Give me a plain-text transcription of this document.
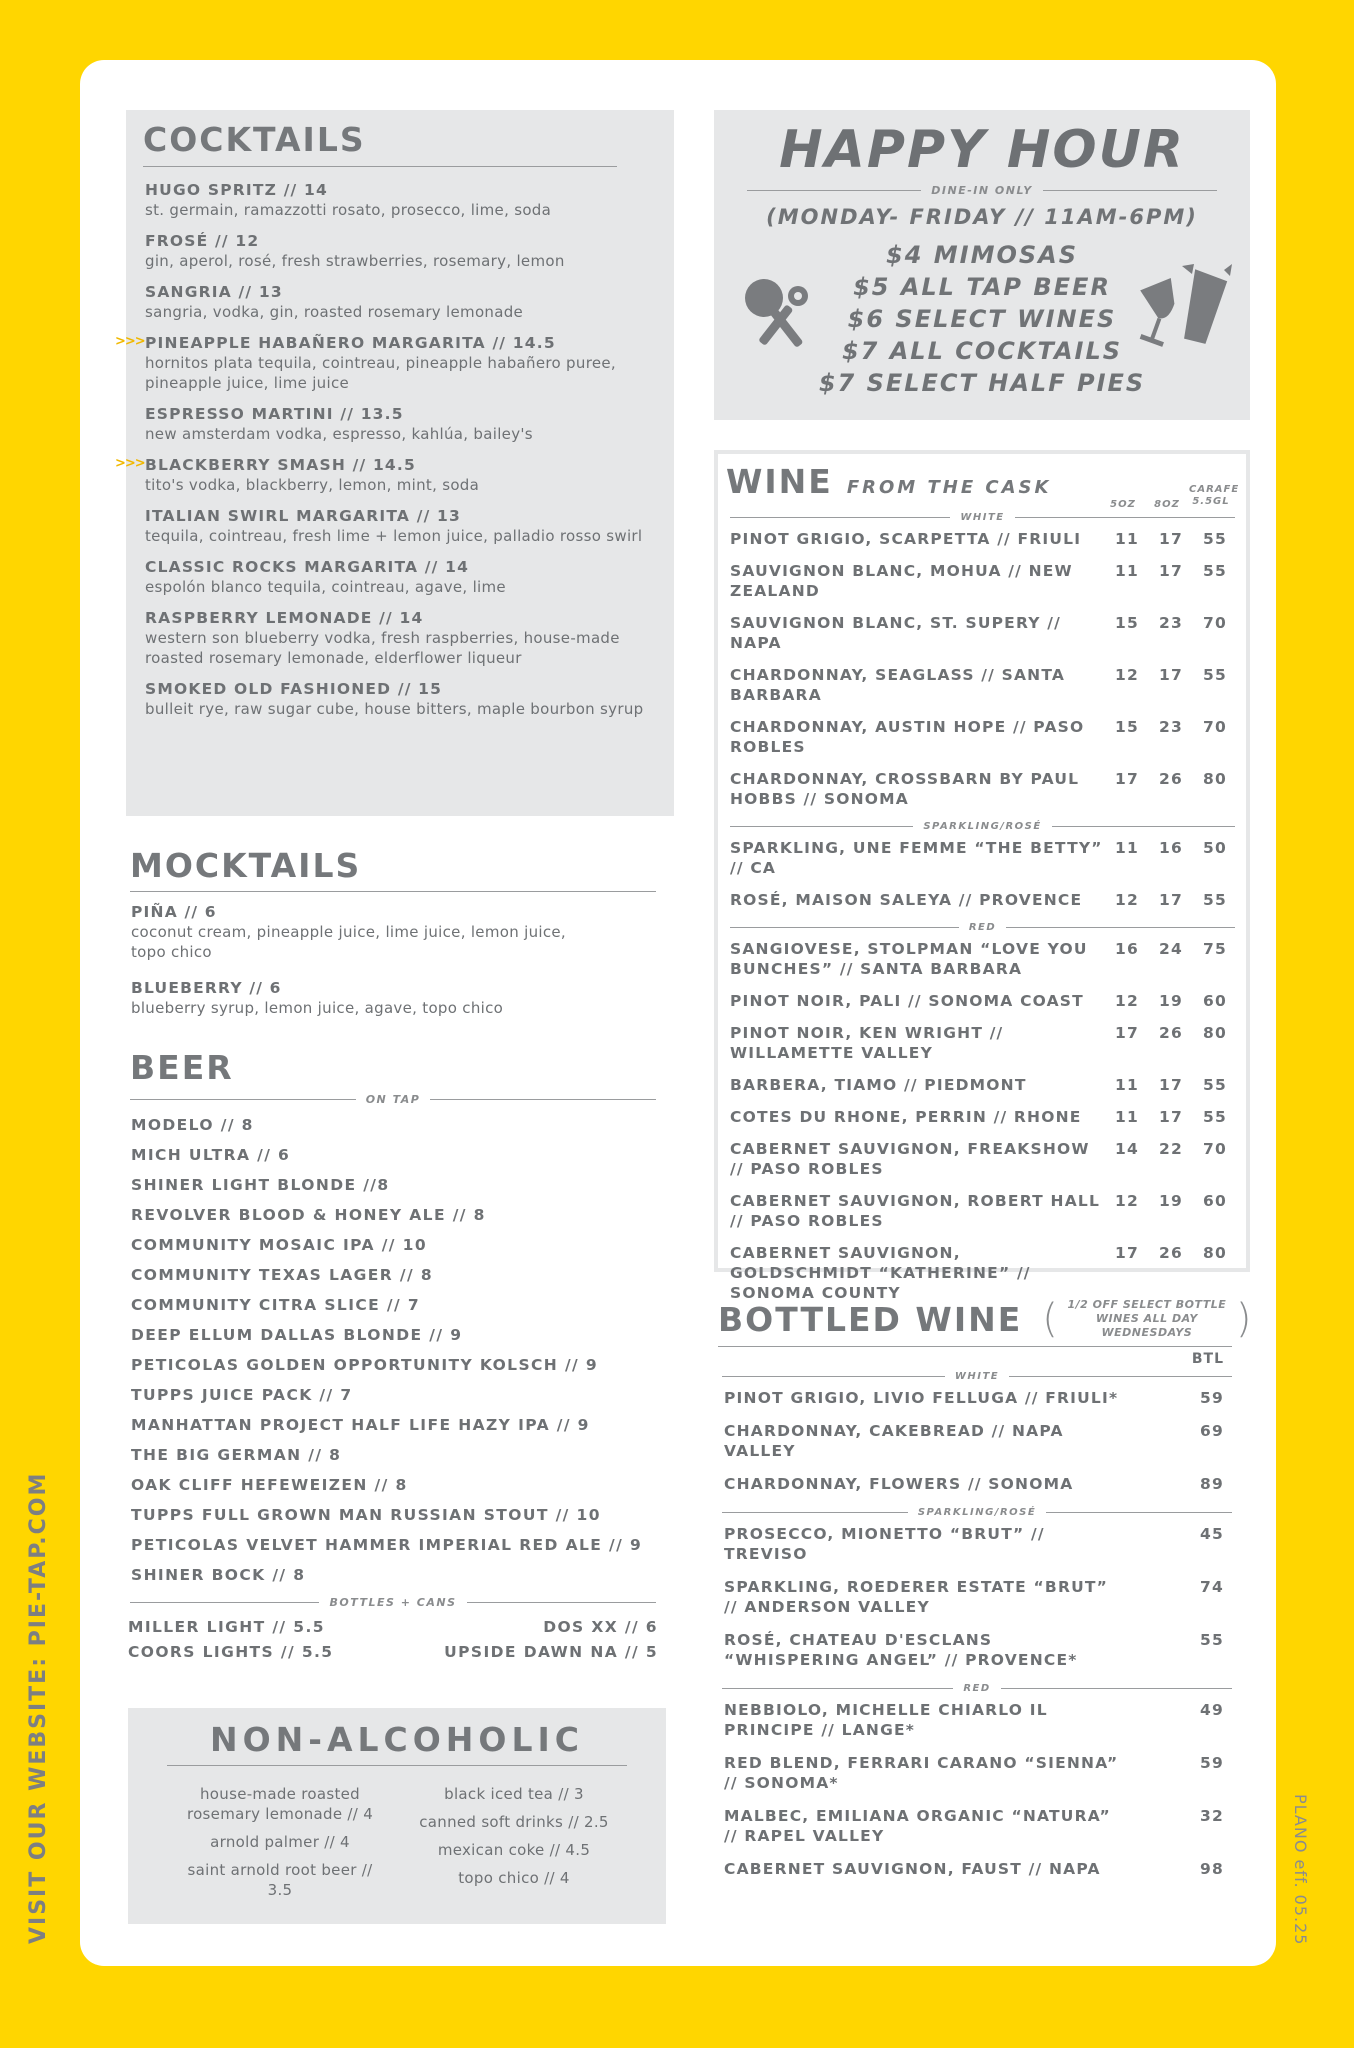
VISIT OUR WEBSITE: PIE-TAP.COM	PLANO eff. 05.25
COCKTAILS
HUGO SPRITZ // 14
st. germain, ramazzotti rosato, prosecco, lime, soda
FROSÉ // 12
gin, aperol, rosé, fresh strawberries, rosemary, lemon
SANGRIA // 13
sangria, vodka, gin, roasted rosemary lemonade
>>> PINEAPPLE HABAÑERO MARGARITA // 14.5
hornitos plata tequila, cointreau, pineapple habañero puree, pineapple juice, lime juice
ESPRESSO MARTINI // 13.5
new amsterdam vodka, espresso, kahlúa, bailey's
>>> BLACKBERRY SMASH // 14.5
tito's vodka, blackberry, lemon, mint, soda
ITALIAN SWIRL MARGARITA // 13
tequila, cointreau, fresh lime + lemon juice, palladio rosso swirl
CLASSIC ROCKS MARGARITA // 14
espolón blanco tequila, cointreau, agave, lime
RASPBERRY LEMONADE // 14
western son blueberry vodka, fresh raspberries, house-made roasted rosemary lemonade, elderflower liqueur
SMOKED OLD FASHIONED // 15
bulleit rye, raw sugar cube, house bitters, maple bourbon syrup
MOCKTAILS
PIÑA // 6
coconut cream, pineapple juice, lime juice, lemon juice, topo chico
BLUEBERRY // 6
blueberry syrup, lemon juice, agave, topo chico
BEER
ON TAP
MODELO // 8
MICH ULTRA // 6
SHINER LIGHT BLONDE //8
REVOLVER BLOOD & HONEY ALE // 8
COMMUNITY MOSAIC IPA // 10
COMMUNITY TEXAS LAGER // 8
COMMUNITY CITRA SLICE // 7
DEEP ELLUM DALLAS BLONDE // 9
PETICOLAS GOLDEN OPPORTUNITY KOLSCH // 9
TUPPS JUICE PACK // 7
MANHATTAN PROJECT HALF LIFE HAZY IPA // 9
THE BIG GERMAN // 8
OAK CLIFF HEFEWEIZEN // 8
TUPPS FULL GROWN MAN RUSSIAN STOUT // 10
PETICOLAS VELVET HAMMER IMPERIAL RED ALE // 9
SHINER BOCK // 8
BOTTLES + CANS
MILLER LIGHT // 5.5
COORS LIGHTS // 5.5
DOS XX // 6
UPSIDE DAWN NA // 5
NON-ALCOHOLIC
house-made roasted rosemary lemonade // 4
arnold palmer // 4
saint arnold root beer // 3.5
black iced tea // 3
canned soft drinks // 2.5
mexican coke // 4.5
topo chico // 4
HAPPY HOUR
DINE-IN ONLY
(MONDAY- FRIDAY // 11AM-6PM)
$4 MIMOSAS
$5 ALL TAP BEER
$6 SELECT WINES
$7 ALL COCKTAILS
$7 SELECT HALF PIES
WINE FROM THE CASK
5OZ	8OZ
CARAFE
5.5GL
WHITE
PINOT GRIGIO, SCARPETTA // FRIULI	11	17	55
SAUVIGNON BLANC, MOHUA // NEW ZEALAND
11	17	55
SAUVIGNON BLANC, ST. SUPERY // NAPA
15	23	70
CHARDONNAY, SEAGLASS // SANTA BARBARA
12	17	55
CHARDONNAY, AUSTIN HOPE // PASO ROBLES
15	23	70
CHARDONNAY, CROSSBARN BY PAUL HOBBS // SONOMA
17	26	80
SPARKLING/ROSÉ
SPARKLING, UNE FEMME “THE BETTY” // CA
11	16	50
ROSÉ, MAISON SALEYA // PROVENCE	12	17	55
RED
SANGIOVESE, STOLPMAN “LOVE YOU BUNCHES” // SANTA BARBARA
16	24	75
PINOT NOIR, PALI // SONOMA COAST	12	19	60
PINOT NOIR, KEN WRIGHT // WILLAMETTE VALLEY
17	26	80
BARBERA, TIAMO // PIEDMONT	11	17	55
COTES DU RHONE, PERRIN // RHONE	11	17	55
CABERNET SAUVIGNON, FREAKSHOW // PASO ROBLES
14	22	70
CABERNET SAUVIGNON, ROBERT HALL // PASO ROBLES
12	19	60
CABERNET SAUVIGNON, GOLDSCHMIDT “KATHERINE” // SONOMA COUNTY
17	26	80
BOTTLED WINE ( 1/2 OFF SELECT BOTTLE WINES ALL DAY WEDNESDAYS	)
BTL
WHITE
PINOT GRIGIO, LIVIO FELLUGA // FRIULI*	59
CHARDONNAY, CAKEBREAD // NAPA VALLEY
69
CHARDONNAY, FLOWERS // SONOMA	89
SPARKLING/ROSÉ
PROSECCO, MIONETTO “BRUT” // TREVISO
45
SPARKLING, ROEDERER ESTATE “BRUT” // ANDERSON VALLEY
74
ROSÉ, CHATEAU D'ESCLANS “WHISPERING ANGEL” // PROVENCE*
55
RED
NEBBIOLO, MICHELLE CHIARLO IL PRINCIPE // LANGE*
49
RED BLEND, FERRARI CARANO “SIENNA” // SONOMA*
59
MALBEC, EMILIANA ORGANIC “NATURA” // RAPEL VALLEY
32
CABERNET SAUVIGNON, FAUST // NAPA	98
